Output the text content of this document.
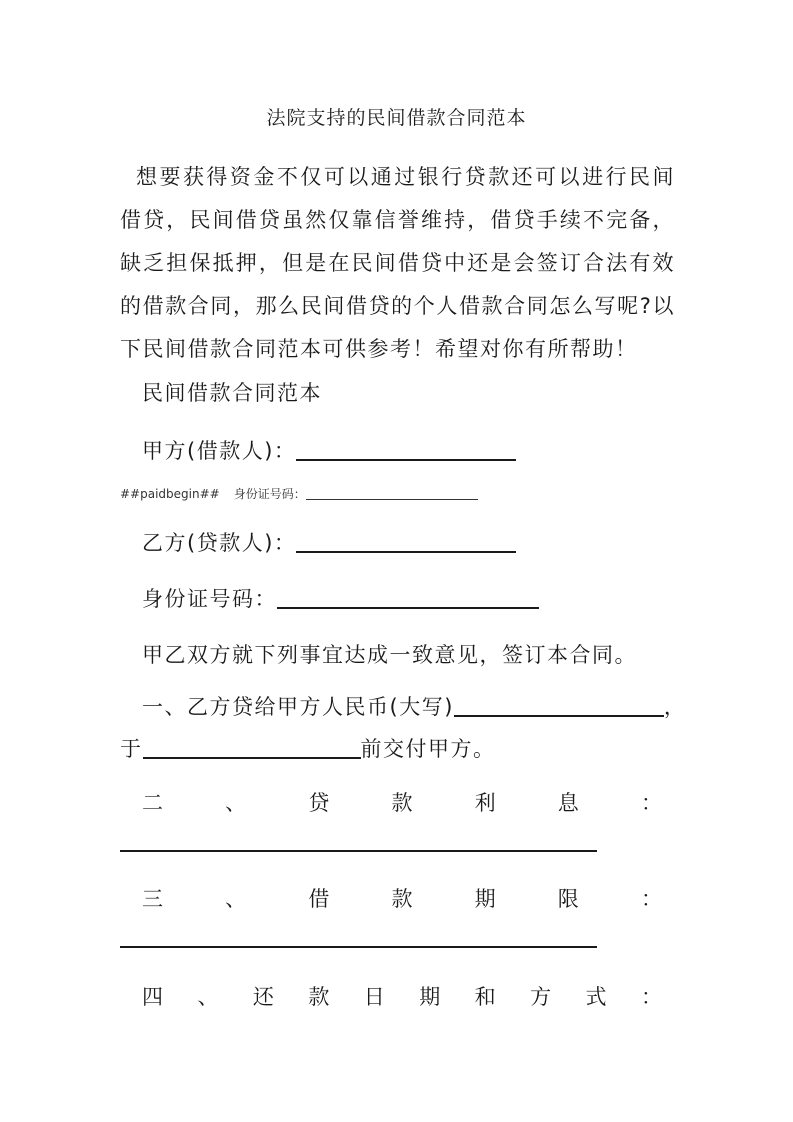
法院支持的民间借款合同范本
想要获得资金不仅可以通过银行贷款还可以进行民间借贷，民间借贷虽然仅靠信誉维持，借贷手续不完备，缺乏担保抵押，但是在民间借贷中还是会签订合法有效的借款合同，那么民间借贷的个人借款合同怎么写呢?以下民间借款合同范本可供参考！希望对你有所帮助！
民间借款合同范本
甲方(借款人)：
##paidbegin## 身份证号码：
乙方(贷款人)：
身份证号码：
甲乙双方就下列事宜达成一致意见，签订本合同。
一、乙方贷给甲方人民币(大写)	，
于	前交付甲方。
二	、	贷	款	利	息	：
三	、	借	款	期	限	：
四 、 还 款 日 期 和 方 式 ：
